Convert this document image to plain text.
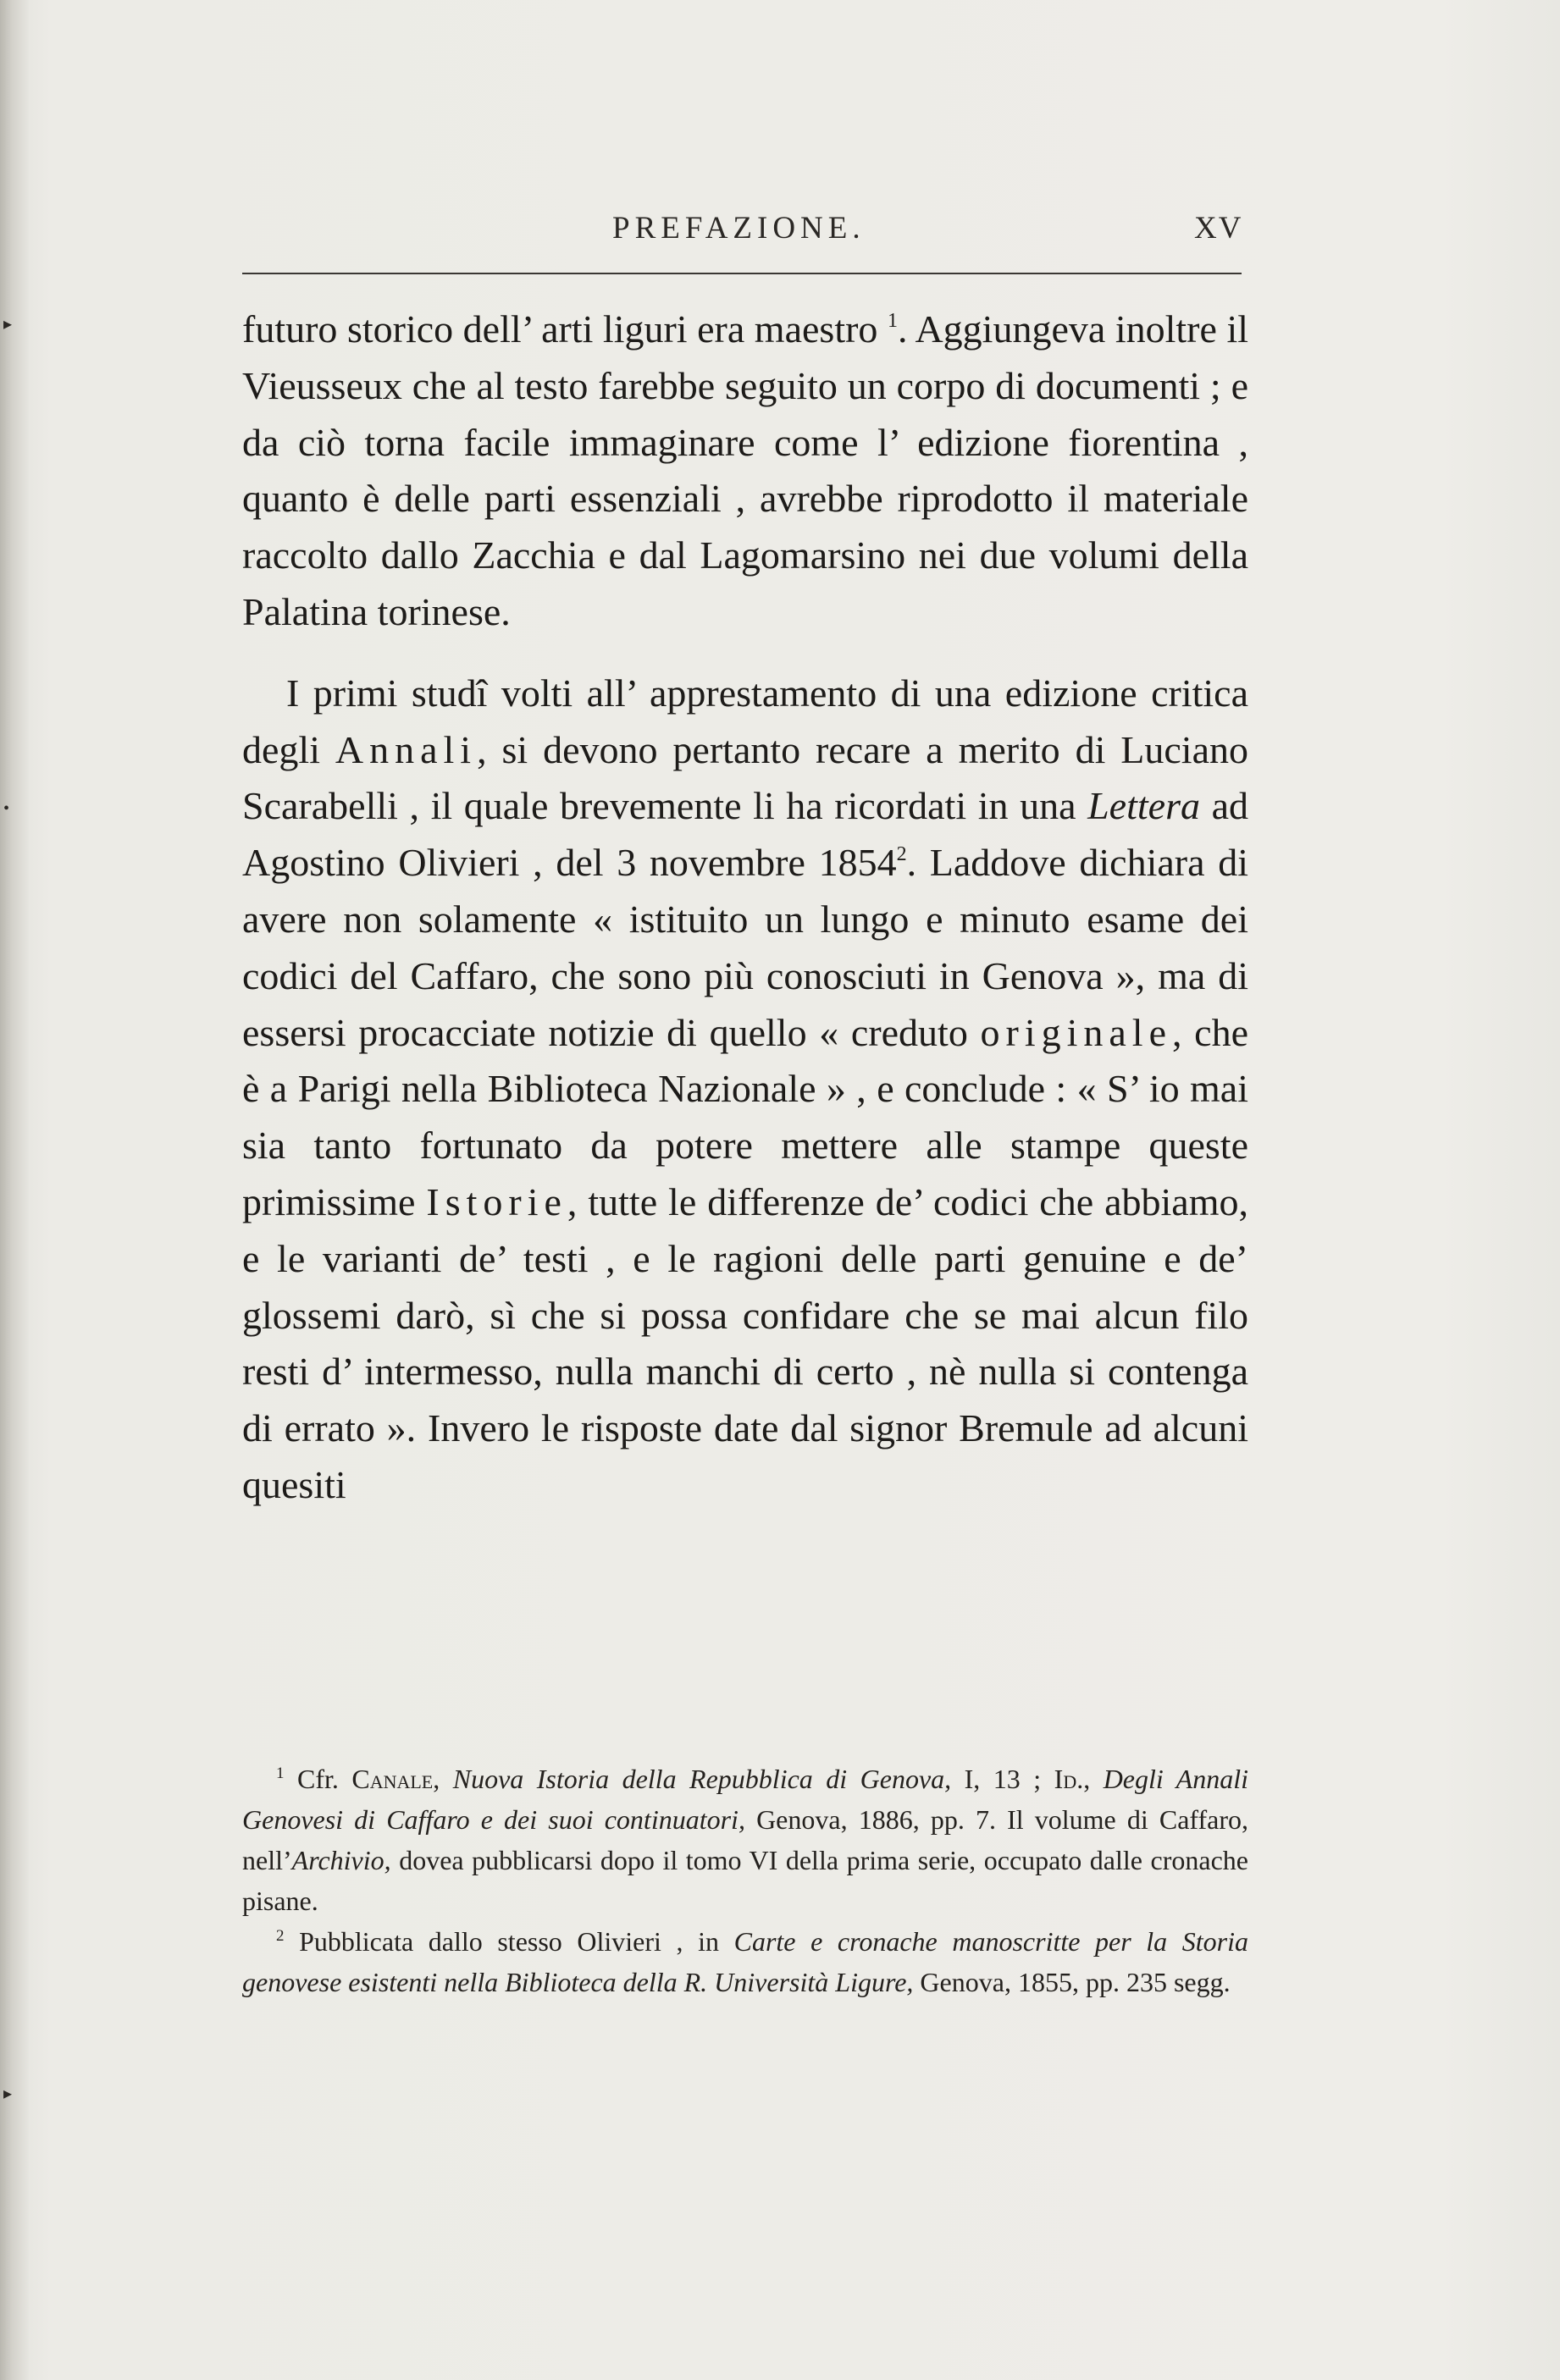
▸
•
▸
PREFAZIONE.	XV

futuro storico dell’ arti liguri era maestro $^1$. Aggiungeva inoltre il Vieusseux che al testo farebbe seguito un corpo di documenti ; e da ciò torna facile immaginare come l’ edizione fiorentina , quanto è delle parti essenziali , avrebbe riprodotto il materiale raccolto dallo Zacchia e dal Lagomarsino nei due volumi della Palatina torinese.

I primi studî volti all’ apprestamento di una edizione critica degli Annali, si devono pertanto recare a merito di Luciano Scarabelli , il quale brevemente li ha ricordati in una Lettera ad Agostino Olivieri , del 3 novembre 1854$^2$. Laddove dichiara di avere non solamente « istituito un lungo e minuto esame dei codici del Caffaro, che sono più conosciuti in Genova », ma di essersi procacciate notizie di quello « creduto originale, che è a Parigi nella Biblioteca Nazionale » , e conclude : « S’ io mai sia tanto fortunato da potere mettere alle stampe queste primissime Istorie, tutte le differenze de’ codici che abbiamo, e le varianti de’ testi , e le ragioni delle parti genuine e de’ glossemi darò, sì che si possa confidare che se mai alcun filo resti d’ intermesso, nulla manchi di certo , nè nulla si contenga di errato ». Invero le risposte date dal signor Bremule ad alcuni quesiti

$^1$ Cfr. Canale, Nuova Istoria della Repubblica di Genova, I, 13 ; Id., Degli Annali Genovesi di Caffaro e dei suoi continuatori, Genova, 1886, pp. 7. Il volume di Caffaro, nell’Archivio, dovea pubblicarsi dopo il tomo VI della prima serie, occupato dalle cronache pisane.

$^2$ Pubblicata dallo stesso Olivieri , in Carte e cronache manoscritte per la Storia genovese esistenti nella Biblioteca della R. Università Ligure, Genova, 1855, pp. 235 segg.
